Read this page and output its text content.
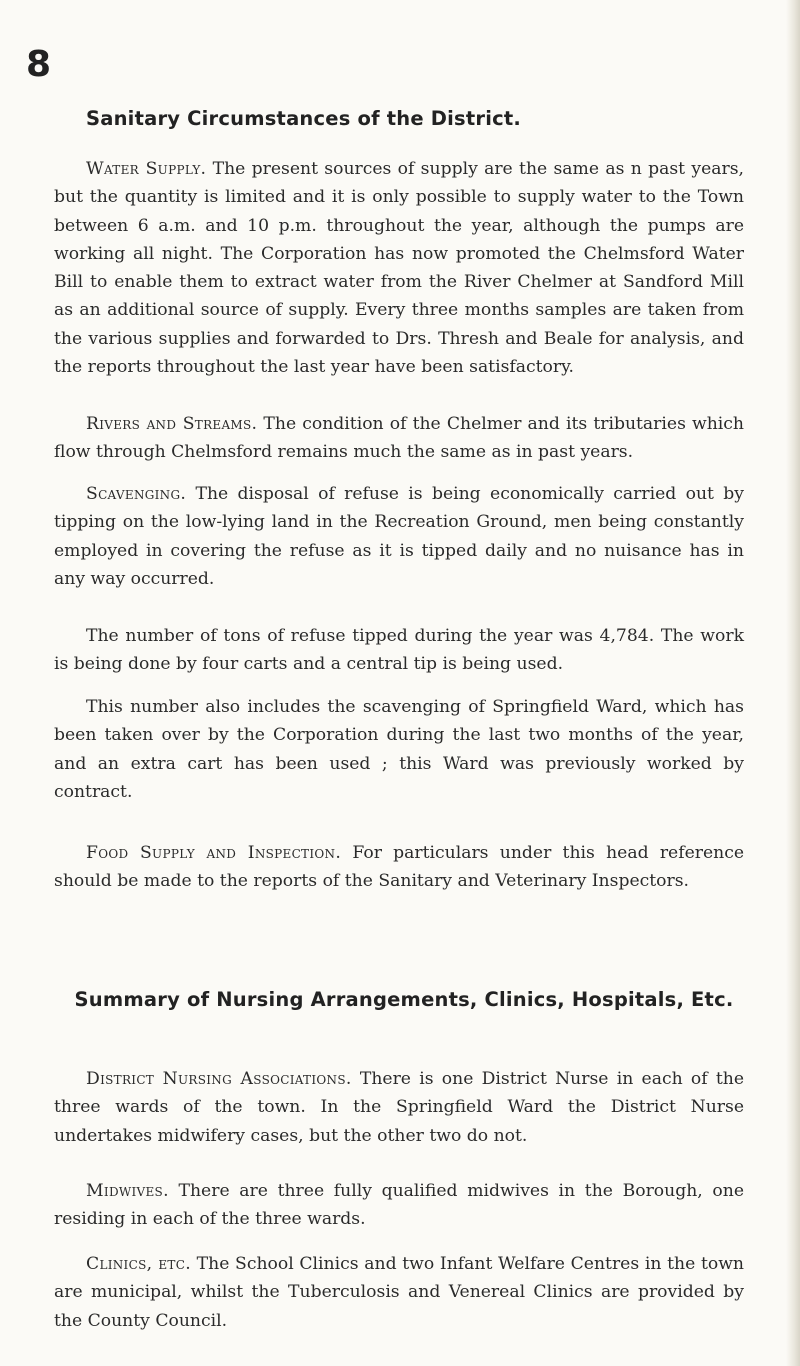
8
Sanitary Circumstances of the District.

Water Supply. The present sources of supply are the same as n past years, but the quantity is limited and it is only possible to supply water to the Town between 6 a.m. and 10 p.m. throughout the year, although the pumps are working all night. The Corporation has now promoted the Chelmsford Water Bill to enable them to extract water from the River Chelmer at Sandford Mill as an additional source of supply. Every three months samples are taken from the various supplies and forwarded to Drs. Thresh and Beale for analysis, and the reports throughout the last year have been satisfactory.

Rivers and Streams. The condition of the Chelmer and its tributaries which flow through Chelmsford remains much the same as in past years.

Scavenging. The disposal of refuse is being economically carried out by tipping on the low-lying land in the Recreation Ground, men being constantly employed in covering the refuse as it is tipped daily and no nuisance has in any way occurred.

The number of tons of refuse tipped during the year was 4,784. The work is being done by four carts and a central tip is being used.

This number also includes the scavenging of Springfield Ward, which has been taken over by the Corporation during the last two months of the year, and an extra cart has been used ; this Ward was previously worked by contract.

Food Supply and Inspection. For particulars under this head reference should be made to the reports of the Sanitary and Veterinary Inspectors.

Summary of Nursing Arrangements, Clinics, Hospitals, Etc.

District Nursing Associations. There is one District Nurse in each of the three wards of the town. In the Springfield Ward the District Nurse undertakes midwifery cases, but the other two do not.

Midwives. There are three fully qualified midwives in the Borough, one residing in each of the three wards.

Clinics, etc. The School Clinics and two Infant Welfare Centres in the town are municipal, whilst the Tuberculosis and Venereal Clinics are provided by the County Council.
